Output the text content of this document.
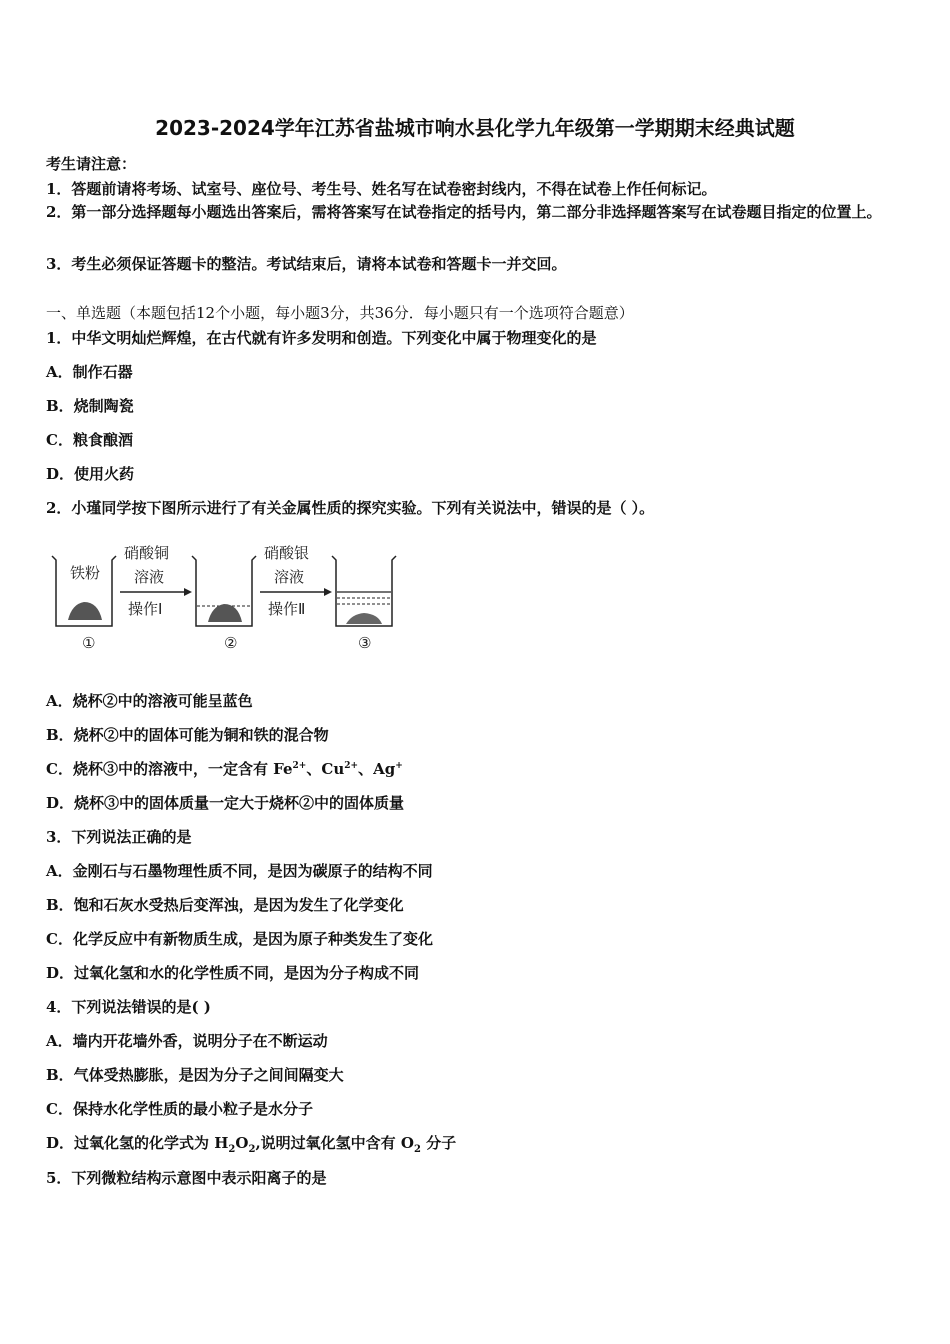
2023-2024学年江苏省盐城市响水县化学九年级第一学期期末经典试题
考生请注意：
1．答题前请将考场、试室号、座位号、考生号、姓名写在试卷密封线内，不得在试卷上作任何标记。
2．第一部分选择题每小题选出答案后，需将答案写在试卷指定的括号内，第二部分非选择题答案写在试卷题目指定的位置上。
3．考生必须保证答题卡的整洁。考试结束后，请将本试卷和答题卡一并交回。
一、单选题（本题包括12个小题，每小题3分，共36分．每小题只有一个选项符合题意）
1．中华文明灿烂辉煌，在古代就有许多发明和创造。下列变化中属于物理变化的是
A．制作石器
B．烧制陶瓷
C．粮食酿酒
D．使用火药
2．小瑾同学按下图所示进行了有关金属性质的探究实验。下列有关说法中，错误的是（ ）。
铁粉
硝酸铜
溶液
操作Ⅰ
硝酸银
溶液
操作Ⅱ
①	②	③
A．烧杯②中的溶液可能呈蓝色
B．烧杯②中的固体可能为铜和铁的混合物
C．烧杯③中的溶液中，一定含有 $Fe^{2+}$、$Cu^{2+}$、Ag+
D．烧杯③中的固体质量一定大于烧杯②中的固体质量
3．下列说法正确的是
A．金刚石与石墨物理性质不同，是因为碳原子的结构不同
B．饱和石灰水受热后变浑浊，是因为发生了化学变化
C．化学反应中有新物质生成，是因为原子种类发生了变化
D．过氧化氢和水的化学性质不同，是因为分子构成不同
4．下列说法错误的是( )
A．墙内开花墙外香，说明分子在不断运动
B．气体受热膨胀，是因为分子之间间隔变大
C．保持水化学性质的最小粒子是水分子
D．过氧化氢的化学式为 $H_2O_2$,说明过氧化氢中含有 $O_2$ 分子
5．下列微粒结构示意图中表示阳离子的是
